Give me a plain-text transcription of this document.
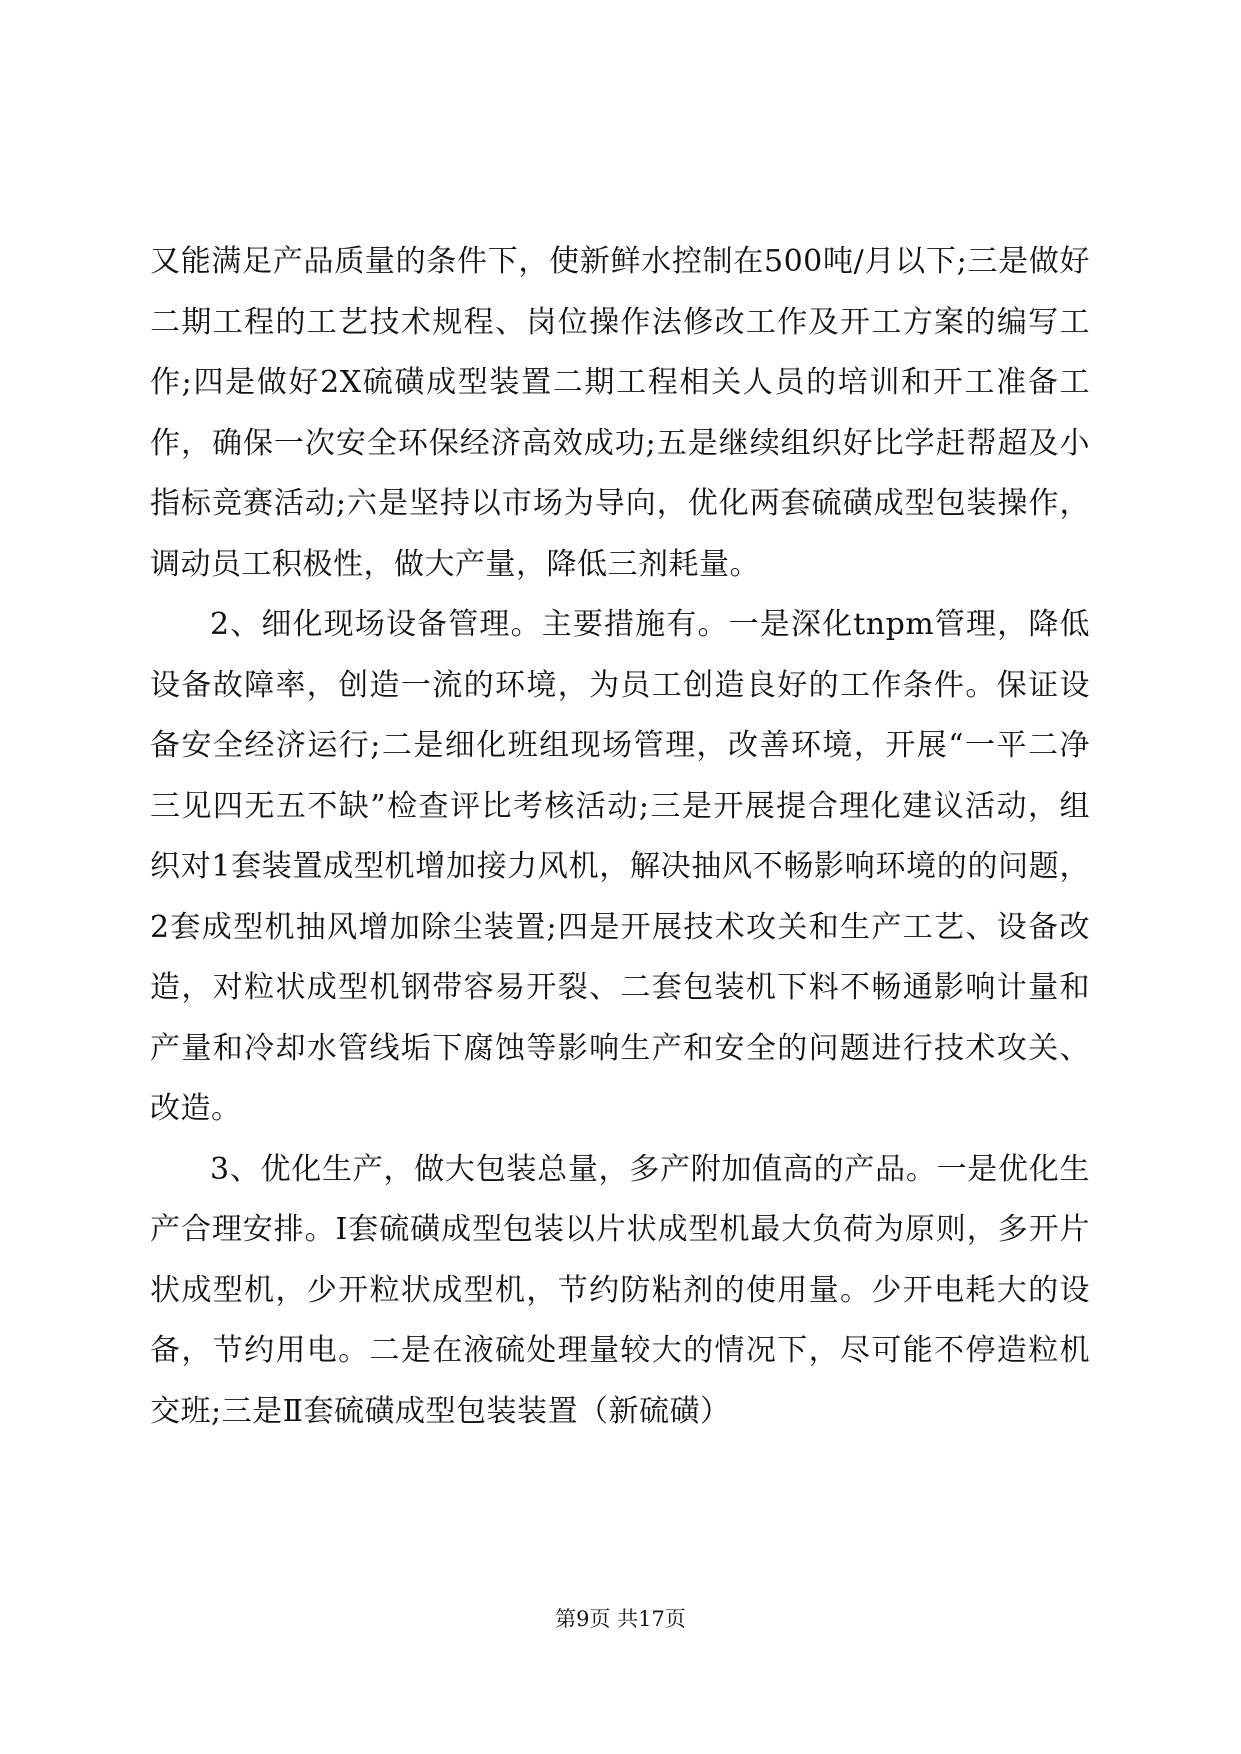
又能满足产品质量的条件下，使新鲜水控制在500吨/月以下;三是做好二期工程的工艺技术规程、岗位操作法修改工作及开工方案的编写工作;四是做好2X硫磺成型装置二期工程相关人员的培训和开工准备工作，确保一次安全环保经济高效成功;五是继续组织好比学赶帮超及小指标竞赛活动;六是坚持以市场为导向，优化两套硫磺成型包装操作，调动员工积极性，做大产量，降低三剂耗量。

2、细化现场设备管理。主要措施有。一是深化tnpm管理，降低设备故障率，创造一流的环境，为员工创造良好的工作条件。保证设备安全经济运行;二是细化班组现场管理，改善环境，开展“一平二净三见四无五不缺”检查评比考核活动;三是开展提合理化建议活动，组织对1套装置成型机增加接力风机，解决抽风不畅影响环境的的问题，2套成型机抽风增加除尘装置;四是开展技术攻关和生产工艺、设备改造，对粒状成型机钢带容易开裂、二套包装机下料不畅通影响计量和产量和冷却水管线垢下腐蚀等影响生产和安全的问题进行技术攻关、改造。

3、优化生产，做大包装总量，多产附加值高的产品。一是优化生产合理安排。Ⅰ套硫磺成型包装以片状成型机最大负荷为原则，多开片状成型机，少开粒状成型机，节约防粘剂的使用量。少开电耗大的设备，节约用电。二是在液硫处理量较大的情况下，尽可能不停造粒机交班;三是Ⅱ套硫磺成型包装装置（新硫磺）

第9页 共17页
